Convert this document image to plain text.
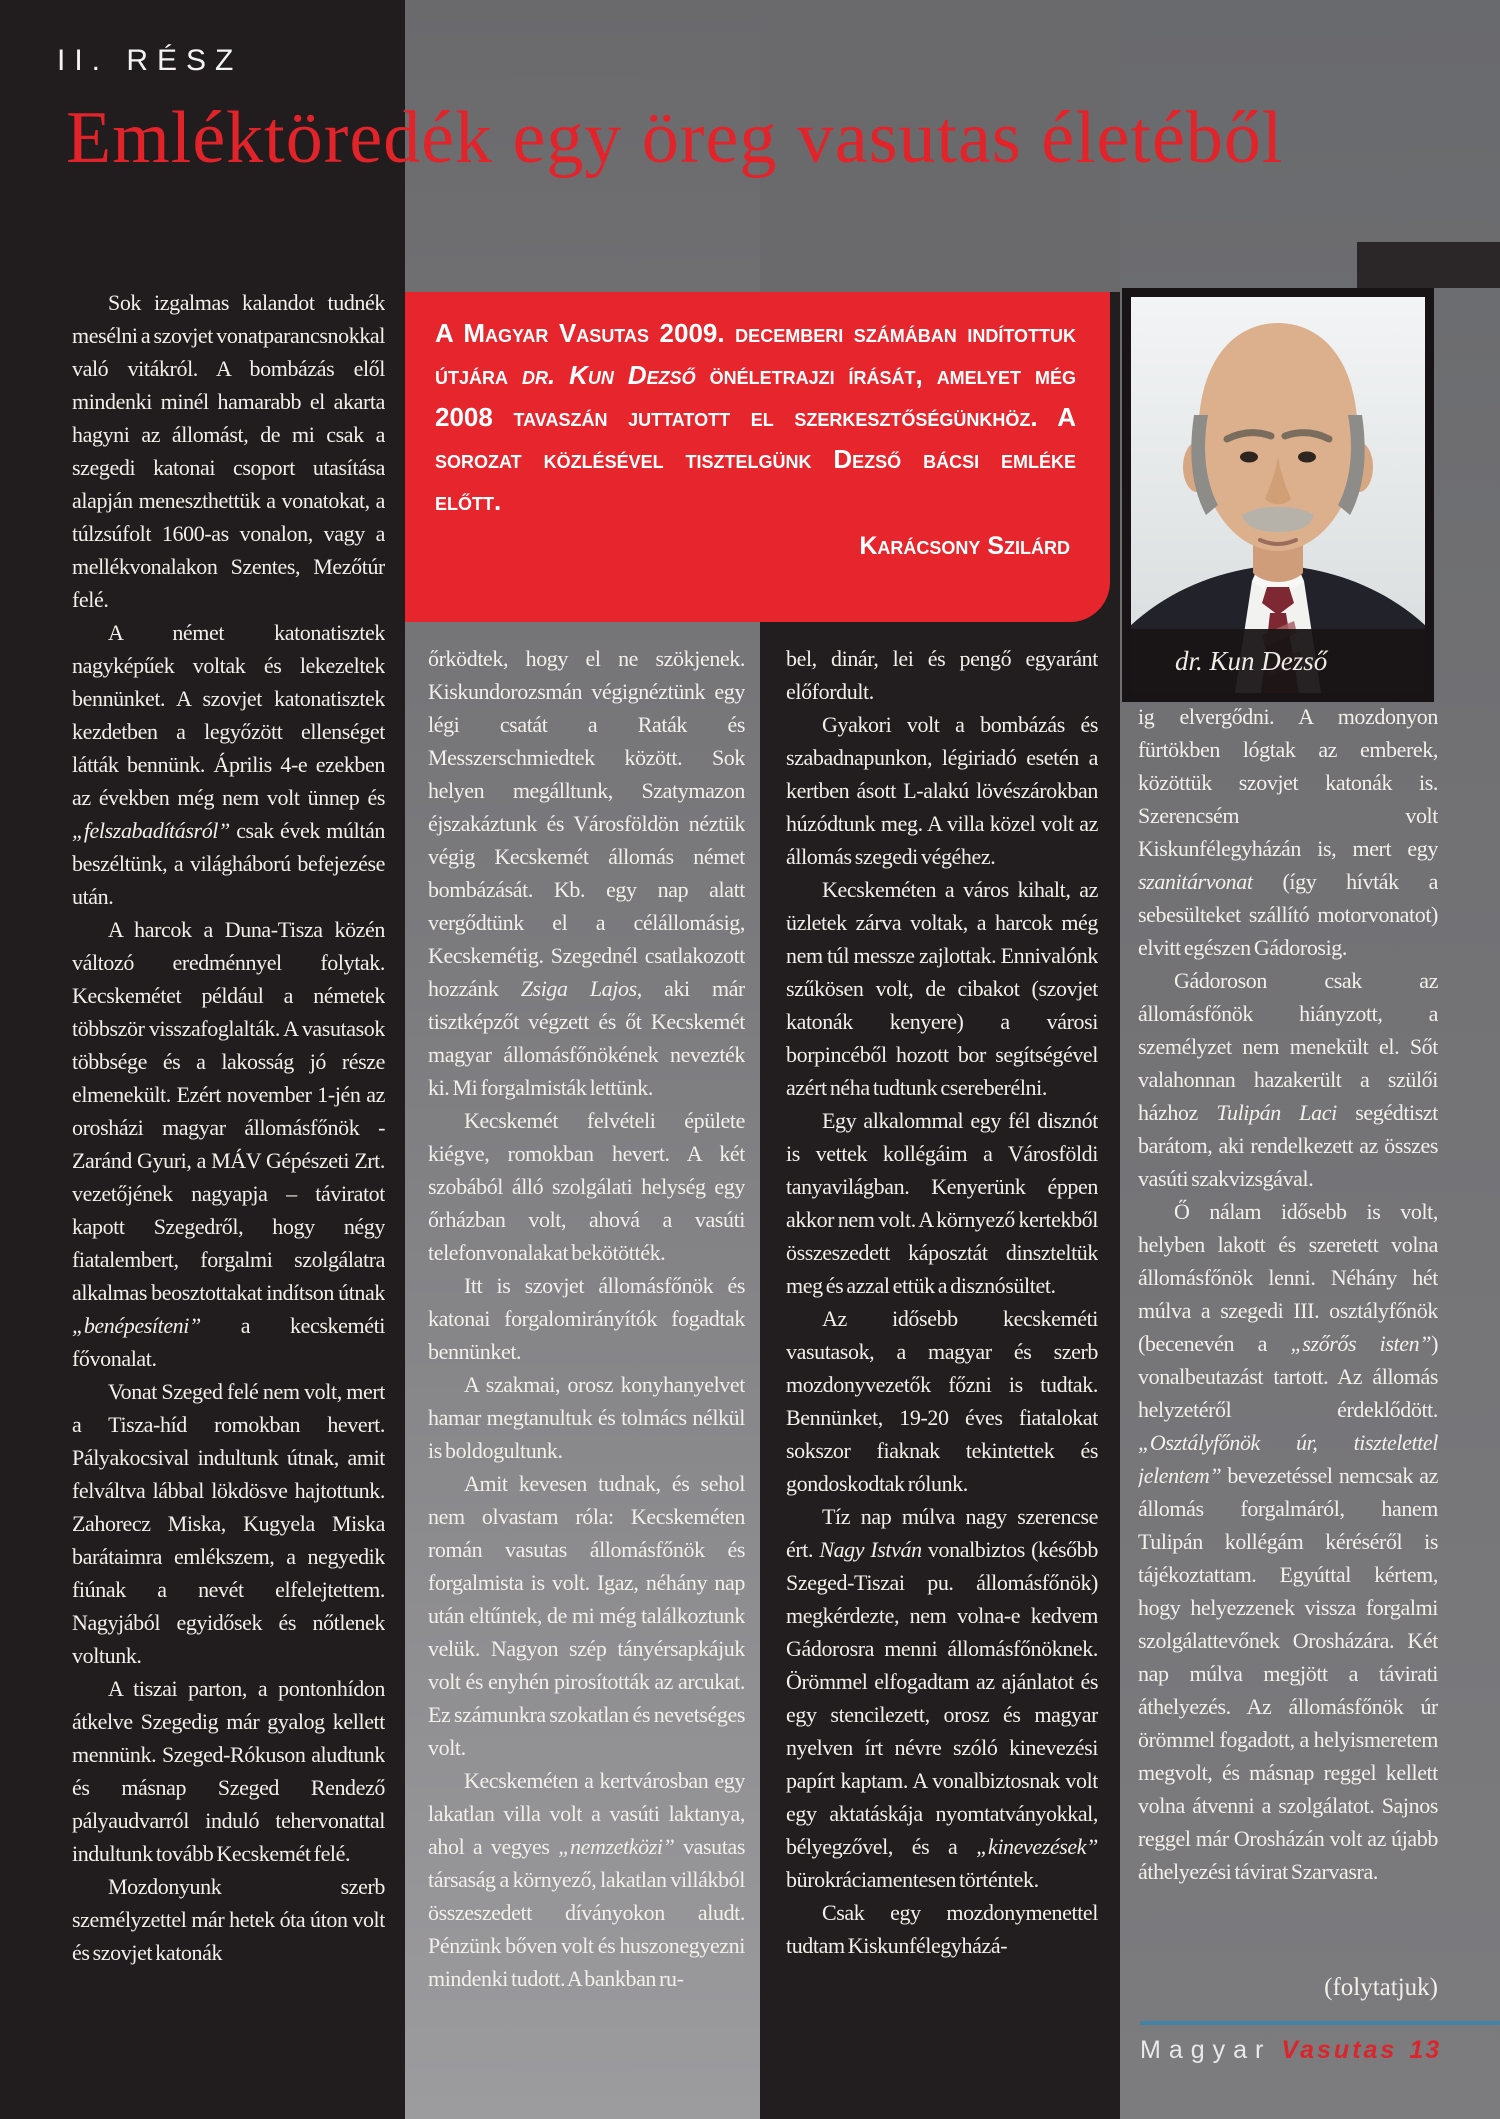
II. RÉSZ
Emléktöredék egy öreg vasutas életéből
A Magyar Vasutas 2009. decemberi számában indítottuk útjára dr. Kun Dezső önéletrajzi írását, amelyet még 2008 tavaszán juttatott el szerkesztőségünkhöz. A sorozat közlésével tisztelgünk Dezső bácsi emléke előtt.
Karácsony Szilárd
dr. Kun Dezső

Sok izgalmas kalandot tudnék mesélni a szovjet vonatparancsnokkal való vitákról. A bombázás elől mindenki minél hamarabb el akarta hagyni az állomást, de mi csak a szegedi katonai csoport utasítása alapján meneszthettük a vonatokat, a túlzsúfolt 1600-as vonalon, vagy a mellékvonalakon Szentes, Mezőtúr felé.

A német katonatisztek nagyképűek voltak és lekezeltek bennünket. A szovjet katonatisztek kezdetben a legyőzött ellenséget látták bennünk. Április 4-e ezekben az években még nem volt ünnep és „felszabadításról” csak évek múltán beszéltünk, a világháború befejezése után.

A harcok a Duna-Tisza közén változó eredménnyel folytak. Kecskemétet például a németek többször visszafoglalták. A vasutasok többsége és a lakosság jó része elmenekült. Ezért november 1-jén az orosházi magyar állomásfőnök - Zaránd Gyuri, a MÁV Gépészeti Zrt. vezetőjének nagyapja – táviratot kapott Szegedről, hogy négy fiatalembert, forgalmi szolgálatra alkalmas beosztottakat indítson útnak „benépesíteni” a kecskeméti fővonalat.

Vonat Szeged felé nem volt, mert a Tisza-híd romokban hevert. Pályakocsival indultunk útnak, amit felváltva lábbal lökdösve hajtottunk. Zahorecz Miska, Kugyela Miska barátaimra emlékszem, a negyedik fiúnak a nevét elfelejtettem. Nagyjából egyidősek és nőtlenek voltunk.

A tiszai parton, a pontonhídon átkelve Szegedig már gyalog kellett mennünk. Szeged-Rókuson aludtunk és másnap Szeged Rendező pályaudvarról induló tehervonattal indultunk tovább Kecskemét felé.

Mozdonyunk szerb személyzettel már hetek óta úton volt és szovjet katonák

őrködtek, hogy el ne szökjenek. Kiskundorozsmán végignéztünk egy légi csatát a Raták és Messzerschmiedtek között. Sok helyen megálltunk, Szatymazon éjszakáztunk és Városföldön néztük végig Kecskemét állomás német bombázását. Kb. egy nap alatt vergődtünk el a célállomásig, Kecskemétig. Szegednél csatlakozott hozzánk Zsiga Lajos, aki már tisztképzőt végzett és őt Kecskemét magyar állomásfőnökének nevezték ki. Mi forgalmisták lettünk.

Kecskemét felvételi épülete kiégve, romokban hevert. A két szobából álló szolgálati helység egy őrházban volt, ahová a vasúti telefonvonalakat bekötötték.

Itt is szovjet állomásfőnök és katonai forgalomirányítók fogadtak bennünket.

A szakmai, orosz konyhanyelvet hamar megtanultuk és tolmács nélkül is boldogultunk.

Amit kevesen tudnak, és sehol nem olvastam róla: Kecskeméten román vasutas állomásfőnök és forgalmista is volt. Igaz, néhány nap után eltűntek, de mi még találkoztunk velük. Nagyon szép tányérsapkájuk volt és enyhén pirosították az arcukat. Ez számunkra szokatlan és nevetséges volt.

Kecskeméten a kertvárosban egy lakatlan villa volt a vasúti laktanya, ahol a vegyes „nemzetközi” vasutas társaság a környező, lakatlan villákból összeszedett díványokon aludt. Pénzünk bőven volt és huszonegyezni mindenki tudott. A bankban ru-

bel, dinár, lei és pengő egyaránt előfordult.

Gyakori volt a bombázás és szabadnapunkon, légiriadó esetén a kertben ásott L-alakú lövészárokban húzódtunk meg. A villa közel volt az állomás szegedi végéhez.

Kecskeméten a város kihalt, az üzletek zárva voltak, a harcok még nem túl messze zajlottak. Ennivalónk szűkösen volt, de cibakot (szovjet katonák kenyere) a városi borpincéből hozott bor segítségével azért néha tudtunk csereberélni.

Egy alkalommal egy fél disznót is vettek kollégáim a Városföldi tanyavilágban. Kenyerünk éppen akkor nem volt. A környező kertekből összeszedett káposztát dinszteltük meg és azzal ettük a disznósültet.

Az idősebb kecskeméti vasutasok, a magyar és szerb mozdonyvezetők főzni is tudtak. Bennünket, 19-20 éves fiatalokat sokszor fiaknak tekintettek és gondoskodtak rólunk.

Tíz nap múlva nagy szerencse ért. Nagy István vonalbiztos (később Szeged-Tiszai pu. állomásfőnök) megkérdezte, nem volna-e kedvem Gádorosra menni állomásfőnöknek. Örömmel elfogadtam az ajánlatot és egy stencilezett, orosz és magyar nyelven írt névre szóló kinevezési papírt kaptam. A vonalbiztosnak volt egy aktatáskája nyomtatványokkal, bélyegzővel, és a „kinevezések” bürokráciamentesen történtek.

Csak egy mozdonymenettel tudtam Kiskunfélegyházá-

ig elvergődni. A mozdonyon fürtökben lógtak az emberek, közöttük szovjet katonák is. Szerencsém volt Kiskunfélegyházán is, mert egy szanitárvonat (így hívták a sebesülteket szállító motorvonatot) elvitt egészen Gádorosig.

Gádoroson csak az állomásfőnök hiányzott, a személyzet nem menekült el. Sőt valahonnan hazakerült a szülői házhoz Tulipán Laci segédtiszt barátom, aki rendelkezett az összes vasúti szakvizsgával.

Ő nálam idősebb is volt, helyben lakott és szeretett volna állomásfőnök lenni. Néhány hét múlva a szegedi III. osztályfőnök (becenevén a „szőrős isten”) vonalbeutazást tartott. Az állomás helyzetéről érdeklődött. „Osztályfőnök úr, tisztelettel jelentem” bevezetéssel nemcsak az állomás forgalmáról, hanem Tulipán kollégám kéréséről is tájékoztattam. Egyúttal kértem, hogy helyezzenek vissza forgalmi szolgálattevőnek Orosházára. Két nap múlva megjött a távirati áthelyezés. Az állomásfőnök úr örömmel fogadott, a helyismeretem megvolt, és másnap reggel kellett volna átvenni a szolgálatot. Sajnos reggel már Orosházán volt az újabb áthelyezési távirat Szarvasra.

(folytatjuk)
Magyar Vasutas 13
